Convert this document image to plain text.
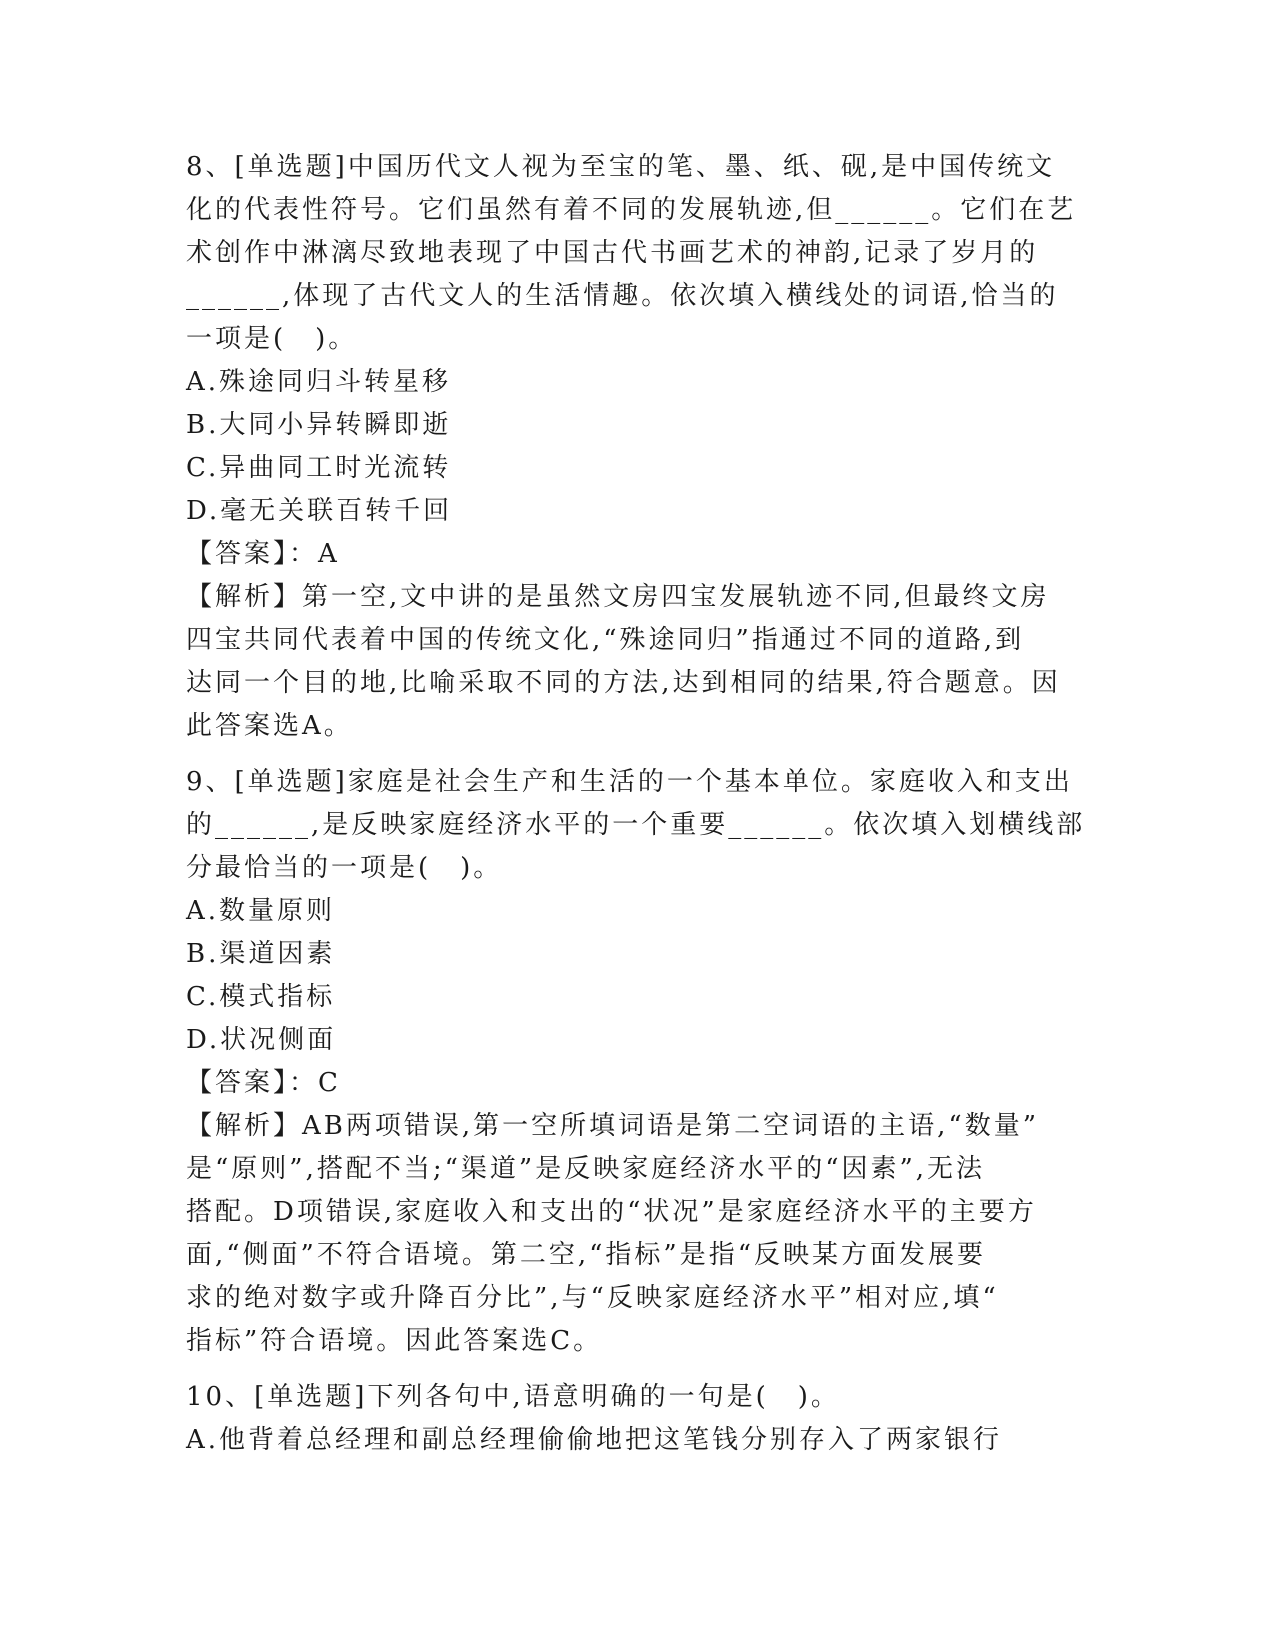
8、[单选题]中国历代文人视为至宝的笔、墨、纸、砚,是中国传统文
化的代表性符号。它们虽然有着不同的发展轨迹,但______。它们在艺
术创作中淋漓尽致地表现了中国古代书画艺术的神韵,记录了岁月的
______,体现了古代文人的生活情趣。依次填入横线处的词语,恰当的
一项是(　)。
A.殊途同归斗转星移
B.大同小异转瞬即逝
C.异曲同工时光流转
D.毫无关联百转千回
【答案】：A
【解析】第一空,文中讲的是虽然文房四宝发展轨迹不同,但最终文房
四宝共同代表着中国的传统文化,“殊途同归”指通过不同的道路,到
达同一个目的地,比喻采取不同的方法,达到相同的结果,符合题意。因
此答案选A。
9、[单选题]家庭是社会生产和生活的一个基本单位。家庭收入和支出
的______,是反映家庭经济水平的一个重要______。依次填入划横线部
分最恰当的一项是(　)。
A.数量原则
B.渠道因素
C.模式指标
D.状况侧面
【答案】：C
【解析】AB两项错误,第一空所填词语是第二空词语的主语,“数量”
是“原则”,搭配不当;“渠道”是反映家庭经济水平的“因素”,无法
搭配。D项错误,家庭收入和支出的“状况”是家庭经济水平的主要方
面,“侧面”不符合语境。第二空,“指标”是指“反映某方面发展要
求的绝对数字或升降百分比”,与“反映家庭经济水平”相对应,填“
指标”符合语境。因此答案选C。
10、[单选题]下列各句中,语意明确的一句是(　)。
A.他背着总经理和副总经理偷偷地把这笔钱分别存入了两家银行
